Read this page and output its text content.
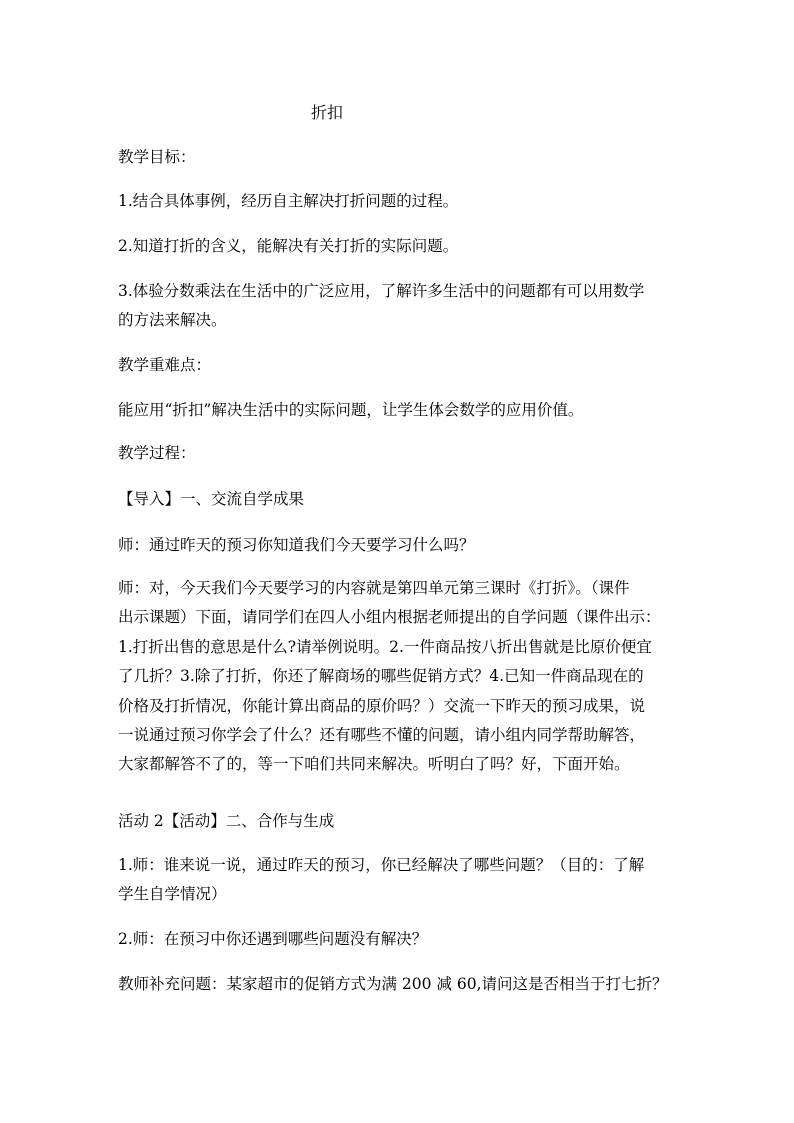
折扣
教学目标：
1.结合具体事例，经历自主解决打折问题的过程。
2.知道打折的含义，能解决有关打折的实际问题。
3.体验分数乘法在生活中的广泛应用，了解许多生活中的问题都有可以用数学
的方法来解决。
教学重难点：
能应用“折扣”解决生活中的实际问题，让学生体会数学的应用价值。
教学过程：
【导入】一、交流自学成果
师：通过昨天的预习你知道我们今天要学习什么吗？
师：对，今天我们今天要学习的内容就是第四单元第三课时《打折》。（课件
出示课题）下面，请同学们在四人小组内根据老师提出的自学问题（课件出示：
1.打折出售的意思是什么?请举例说明。2.一件商品按八折出售就是比原价便宜
了几折？3.除了打折，你还了解商场的哪些促销方式？4.已知一件商品现在的
价格及打折情况，你能计算出商品的原价吗？）交流一下昨天的预习成果，说
一说通过预习你学会了什么？还有哪些不懂的问题，请小组内同学帮助解答，
大家都解答不了的，等一下咱们共同来解决。听明白了吗？好，下面开始。
活动 2【活动】二、合作与生成
1.师：谁来说一说，通过昨天的预习，你已经解决了哪些问题？（目的：了解
学生自学情况）
2.师：在预习中你还遇到哪些问题没有解决？
教师补充问题：某家超市的促销方式为满 200 减 60,请问这是否相当于打七折？
